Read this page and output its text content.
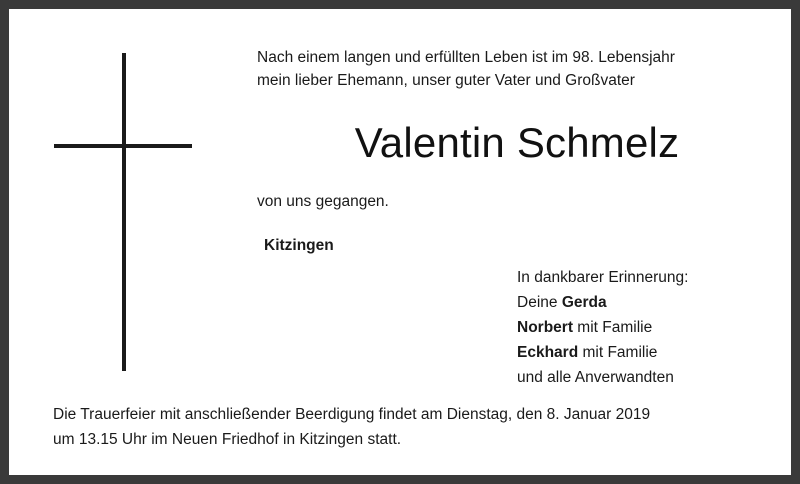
Nach einem langen und erfüllten Leben ist im 98. Lebensjahr
mein lieber Ehemann, unser guter Vater und Großvater
Valentin Schmelz
von uns gegangen.
Kitzingen
In dankbarer Erinnerung:
Deine Gerda
Norbert mit Familie
Eckhard mit Familie
und alle Anverwandten
Die Trauerfeier mit anschließender Beerdigung findet am Dienstag, den 8. Januar 2019
um 13.15 Uhr im Neuen Friedhof in Kitzingen statt.
